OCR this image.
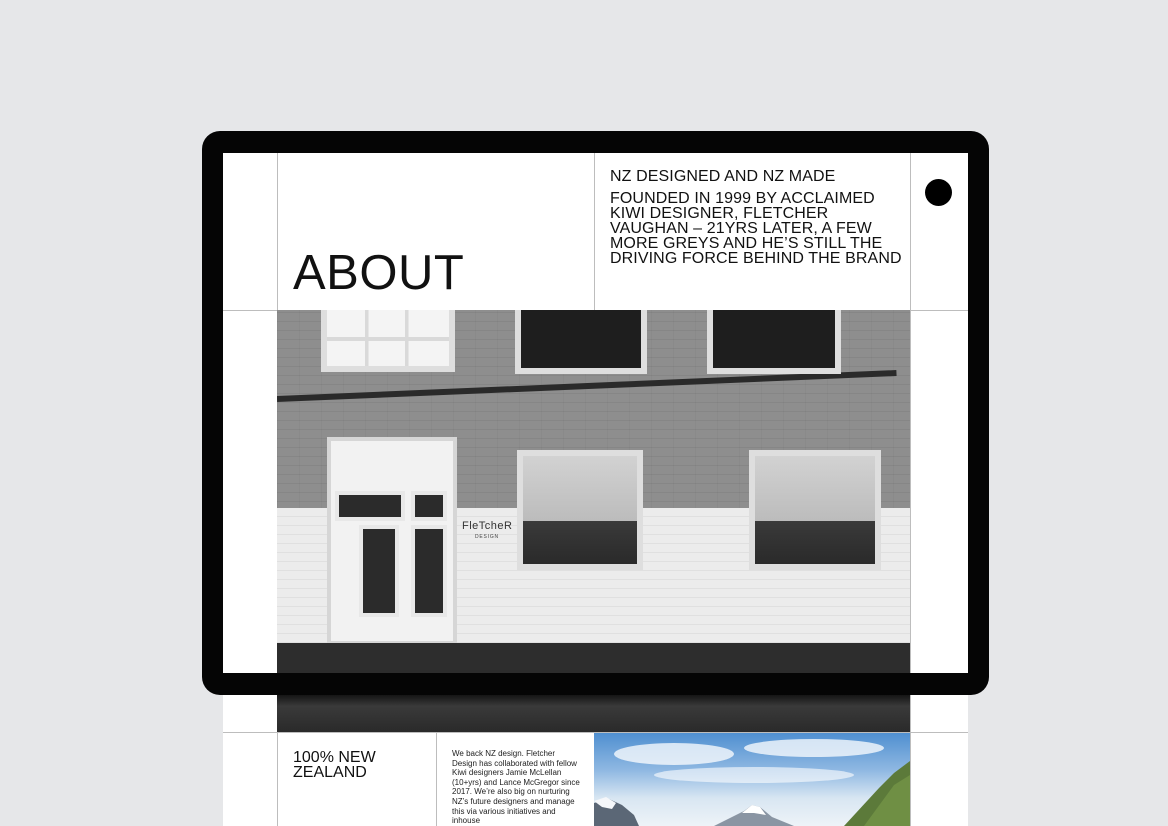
100% NEW ZEALAND
We back NZ design. Fletcher Design has collaborated with fellow Kiwi designers Jamie McLellan (10+yrs) and Lance McGregor since 2017. We’re also big on nurturing NZ’s future designers and manage this via various initiatives and inhouse
ABOUT
NZ DESIGNED AND NZ MADE
FOUNDED IN 1999 BY ACCLAIMED KIWI DESIGNER, FLETCHER VAUGHAN – 21YRS LATER, A FEW MORE GREYS AND HE’S STILL THE DRIVING FORCE BEHIND THE BRAND
FleTcheR
DESIGN
